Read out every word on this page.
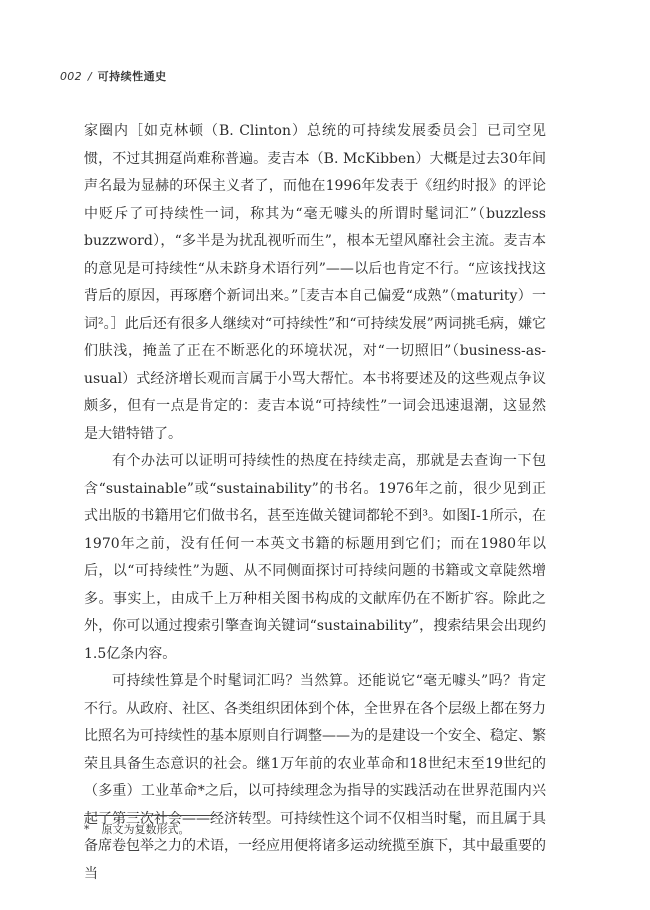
002 / 可持续性通史

家圈内［如克林顿（B. Clinton）总统的可持续发展委员会］已司空见惯，不过其拥趸尚难称普遍。麦吉本（B. McKibben）大概是过去30年间声名最为显赫的环保主义者了，而他在1996年发表于《纽约时报》的评论中贬斥了可持续性一词，称其为“毫无噱头的所谓时髦词汇”（buzzless buzzword），“多半是为扰乱视听而生”，根本无望风靡社会主流。麦吉本的意见是可持续性“从未跻身术语行列”——以后也肯定不行。“应该找找这背后的原因，再琢磨个新词出来。”［麦吉本自己偏爱“成熟”（maturity）一词²。］此后还有很多人继续对“可持续性”和“可持续发展”两词挑毛病，嫌它们肤浅，掩盖了正在不断恶化的环境状况，对“一切照旧”（business-as-usual）式经济增长观而言属于小骂大帮忙。本书将要述及的这些观点争议颇多，但有一点是肯定的：麦吉本说“可持续性”一词会迅速退潮，这显然是大错特错了。

有个办法可以证明可持续性的热度在持续走高，那就是去查询一下包含“sustainable”或“sustainability”的书名。1976年之前，很少见到正式出版的书籍用它们做书名，甚至连做关键词都轮不到³。如图Ⅰ-1所示，在1970年之前，没有任何一本英文书籍的标题用到它们；而在1980年以后，以“可持续性”为题、从不同侧面探讨可持续问题的书籍或文章陡然增多。事实上，由成千上万种相关图书构成的文献库仍在不断扩容。除此之外，你可以通过搜索引擎查询关键词“sustainability”，搜索结果会出现约1.5亿条内容。

可持续性算是个时髦词汇吗？当然算。还能说它“毫无噱头”吗？肯定不行。从政府、社区、各类组织团体到个体，全世界在各个层级上都在努力比照名为可持续性的基本原则自行调整——为的是建设一个安全、稳定、繁荣且具备生态意识的社会。继1万年前的农业革命和18世纪末至19世纪的（多重）工业革命*之后，以可持续理念为指导的实践活动在世界范围内兴起了第三次社会——经济转型。可持续性这个词不仅相当时髦，而且属于具备席卷包举之力的术语，一经应用便将诸多运动统揽至旗下，其中最重要的当

* 原文为复数形式。
